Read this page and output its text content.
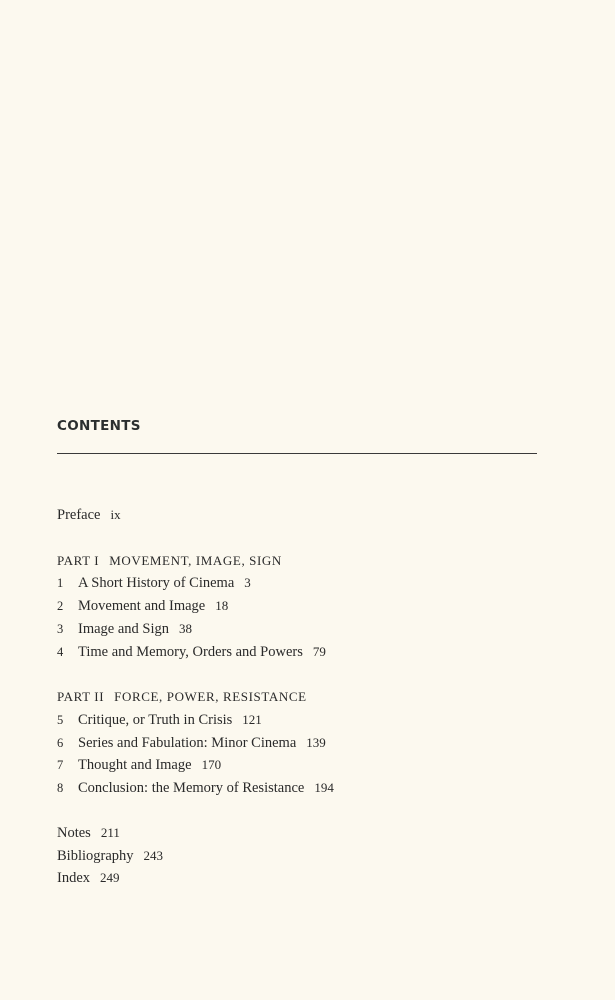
CONTENTS
Preface ix
PART I MOVEMENT, IMAGE, SIGN
1 A Short History of Cinema 3
2 Movement and Image 18
3 Image and Sign 38
4 Time and Memory, Orders and Powers 79
PART II FORCE, POWER, RESISTANCE
5 Critique, or Truth in Crisis 121
6 Series and Fabulation: Minor Cinema 139
7 Thought and Image 170
8 Conclusion: the Memory of Resistance 194
Notes 211
Bibliography 243
Index 249
